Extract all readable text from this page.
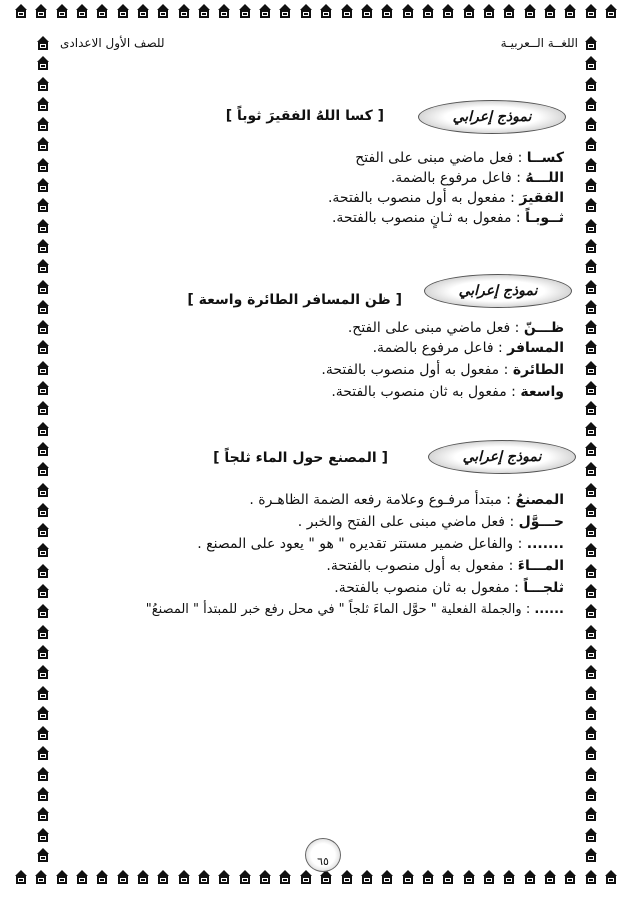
اللغــة الــعربيـة
للصف الأول الاعدادى
نموذج إعرابي
[ كسا اللهُ الفقيرَ ثوباً ]
كســا : فعل ماضي مبنى على الفتح
اللـــهُ : فاعل مرفوع بالضمة.
الفقيرَ : مفعول به أول منصوب بالفتحة.
ثــوبـاً : مفعول به ثـانٍ منصوب بالفتحة.
نموذج إعرابي
[ ظن المسافر الطائرة واسعة ]
ظـــنّ : فعل ماضي مبنى على الفتح.
المسافر : فاعل مرفوع بالضمة.
الطائرة : مفعول به أول منصوب بالفتحة.
واسعة : مفعول به ثان منصوب بالفتحة.
نموذج إعرابي
[ المصنع حول الماء ثلجاً ]
المصنعُ : مبتدأ مرفـوع وعلامة رفعه الضمة الظاهـرة .
حـــوَّل : فعل ماضي مبنى على الفتح والخبر .
....... : والفاعل ضمير مستتر تقديره " هو " يعود على المصنع .
المـــاءَ : مفعول به أول منصوب بالفتحة.
ثلجـــاً : مفعول به ثان منصوب بالفتحة.
...... : والجملة الفعلية " حوَّل الماءَ ثلجاً " في محل رفع خبر للمبتدأ " المصنعُ"
٦٥
